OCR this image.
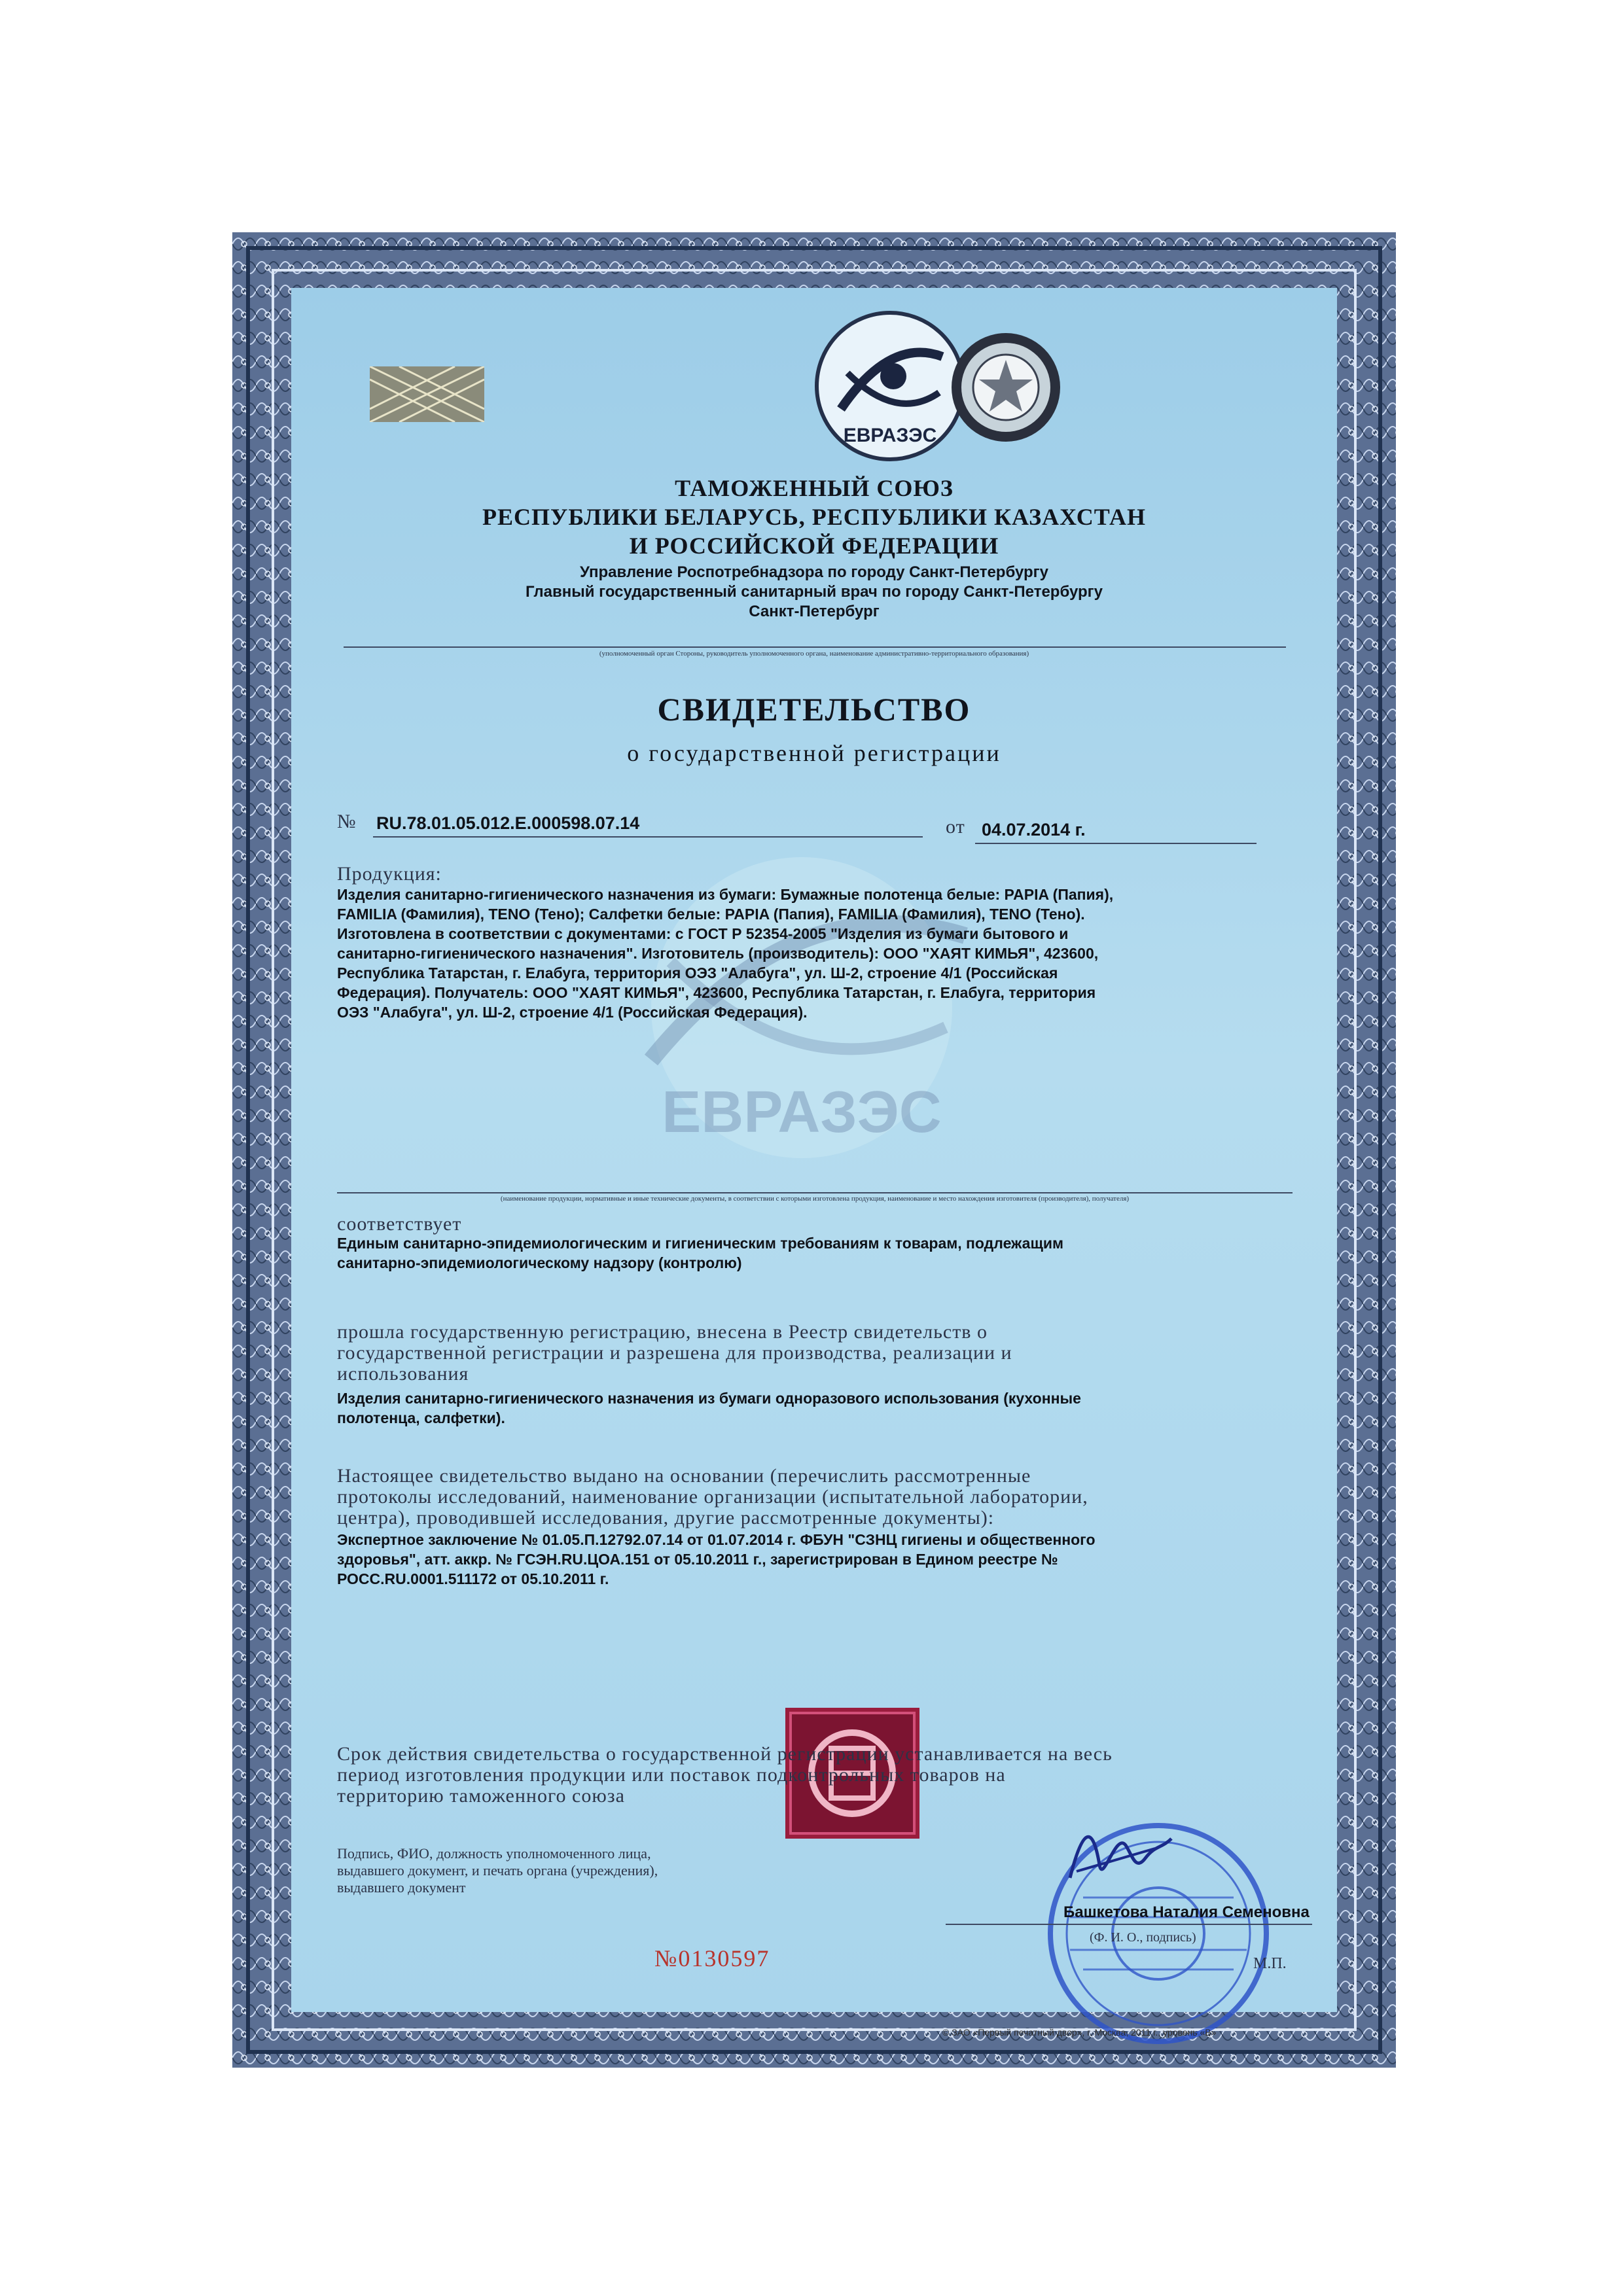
ЕВРАЗЭС
ЕВРАЗЭС
ТАМОЖЕННЫЙ СОЮЗ
РЕСПУБЛИКИ БЕЛАРУСЬ, РЕСПУБЛИКИ КАЗАХСТАН
И РОССИЙСКОЙ ФЕДЕРАЦИИ
Управление Роспотребнадзора по городу Санкт-Петербургу
Главный государственный санитарный врач по городу Санкт-Петербургу
Санкт-Петербург
(уполномоченный орган Стороны, руководитель уполномоченного органа, наименование административно-территориального образования)
СВИДЕТЕЛЬСТВО
о государственной регистрации
№ RU.78.01.05.012.Е.000598.07.14	от 04.07.2014 г.
Продукция:
Изделия санитарно-гигиенического назначения из бумаги: Бумажные полотенца белые: PAPIA (Папия),
FAMILIA (Фамилия), TENO (Тено); Салфетки белые: PAPIA (Папия), FAMILIA (Фамилия), TENO (Тено).
Изготовлена в соответствии с документами: с ГОСТ Р 52354-2005 "Изделия из бумаги бытового и
санитарно-гигиенического назначения". Изготовитель (производитель): ООО "ХАЯТ КИМЬЯ", 423600,
Республика Татарстан, г. Елабуга, территория ОЭЗ "Алабуга", ул. Ш-2, строение 4/1 (Российская
Федерация). Получатель: ООО "ХАЯТ КИМЬЯ", 423600, Республика Татарстан, г. Елабуга, территория
ОЭЗ "Алабуга", ул. Ш-2, строение 4/1 (Российская Федерация).
(наименование продукции, нормативные и иные технические документы, в соответствии с которыми изготовлена продукция, наименование и место нахождения изготовителя (производителя), получателя)
соответствует
Единым санитарно-эпидемиологическим и гигиеническим требованиям к товарам, подлежащим
санитарно-эпидемиологическому надзору (контролю)
прошла государственную регистрацию, внесена в Реестр свидетельств о
государственной регистрации и разрешена для производства, реализации и
использования
Изделия санитарно-гигиенического назначения из бумаги одноразового использования (кухонные
полотенца, салфетки).
Настоящее свидетельство выдано на основании (перечислить рассмотренные
протоколы исследований, наименование организации (испытательной лаборатории,
центра), проводившей исследования, другие рассмотренные документы):
Экспертное заключение № 01.05.П.12792.07.14 от 01.07.2014 г. ФБУН "СЗНЦ гигиены и общественного
здоровья", атт. аккр. № ГСЭН.RU.ЦОА.151 от 05.10.2011 г., зарегистрирован в Едином реестре №
РОСС.RU.0001.511172 от 05.10.2011 г.
Срок действия свидетельства о государственной регистрации устанавливается на весь
период изготовления продукции или поставок подконтрольных товаров на
территорию таможенного союза
Подпись, ФИО, должность уполномоченного лица,
выдавшего документ, и печать органа (учреждения),
выдавшего документ
Башкетова Наталия Семеновна
(Ф. И. О., подпись)
М.П.
№0130597
© ЗАО «Первый печатный двор», г. Москва, 2011 г., уровень «В»
